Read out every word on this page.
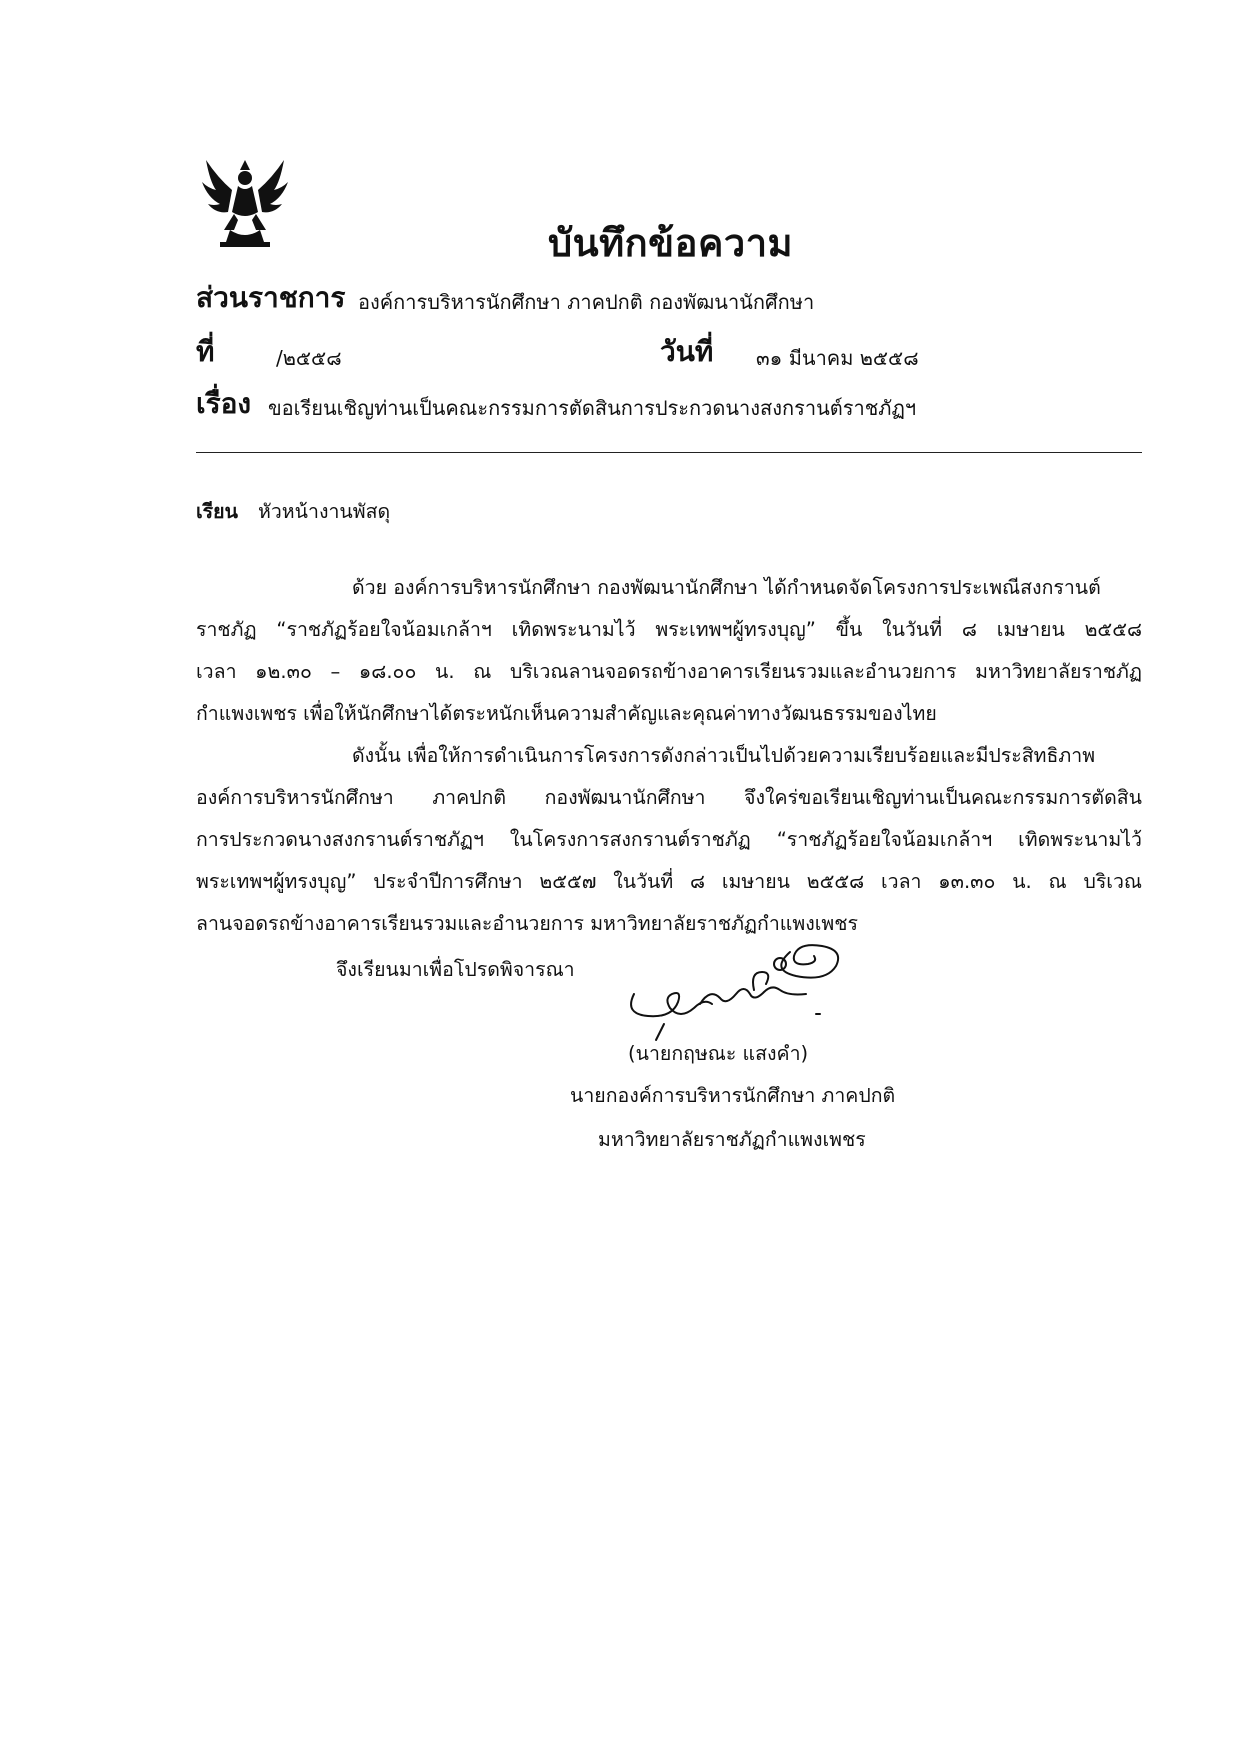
บันทึกข้อความ
ส่วนราชการ องค์การบริหารนักศึกษา ภาคปกติ กองพัฒนานักศึกษา
ที่	/๒๕๕๘	วันที่ ๓๑ มีนาคม ๒๕๕๘
เรื่อง ขอเรียนเชิญท่านเป็นคณะกรรมการตัดสินการประกวดนางสงกรานต์ราชภัฏฯ
เรียน หัวหน้างานพัสดุ
ด้วย องค์การบริหารนักศึกษา กองพัฒนานักศึกษา ได้กำหนดจัดโครงการประเพณีสงกรานต์
ราชภัฏ “ราชภัฏร้อยใจน้อมเกล้าฯ เทิดพระนามไว้ พระเทพฯผู้ทรงบุญ” ขึ้น ในวันที่ ๘ เมษายน ๒๕๕๘
เวลา ๑๒.๓๐ – ๑๘.๐๐ น. ณ บริเวณลานจอดรถข้างอาคารเรียนรวมและอำนวยการ มหาวิทยาลัยราชภัฏ
กำแพงเพชร เพื่อให้นักศึกษาได้ตระหนักเห็นความสำคัญและคุณค่าทางวัฒนธรรมของไทย
ดังนั้น เพื่อให้การดำเนินการโครงการดังกล่าวเป็นไปด้วยความเรียบร้อยและมีประสิทธิภาพ
องค์การบริหารนักศึกษา ภาคปกติ กองพัฒนานักศึกษา จึงใคร่ขอเรียนเชิญท่านเป็นคณะกรรมการตัดสิน
การประกวดนางสงกรานต์ราชภัฏฯ ในโครงการสงกรานต์ราชภัฏ “ราชภัฏร้อยใจน้อมเกล้าฯ เทิดพระนามไว้
พระเทพฯผู้ทรงบุญ” ประจำปีการศึกษา ๒๕๕๗ ในวันที่ ๘ เมษายน ๒๕๕๘ เวลา ๑๓.๓๐ น. ณ บริเวณ
ลานจอดรถข้างอาคารเรียนรวมและอำนวยการ มหาวิทยาลัยราชภัฏกำแพงเพชร
จึงเรียนมาเพื่อโปรดพิจารณา
(นายกฤษณะ แสงคำ)
นายกองค์การบริหารนักศึกษา ภาคปกติ
มหาวิทยาลัยราชภัฏกำแพงเพชร
